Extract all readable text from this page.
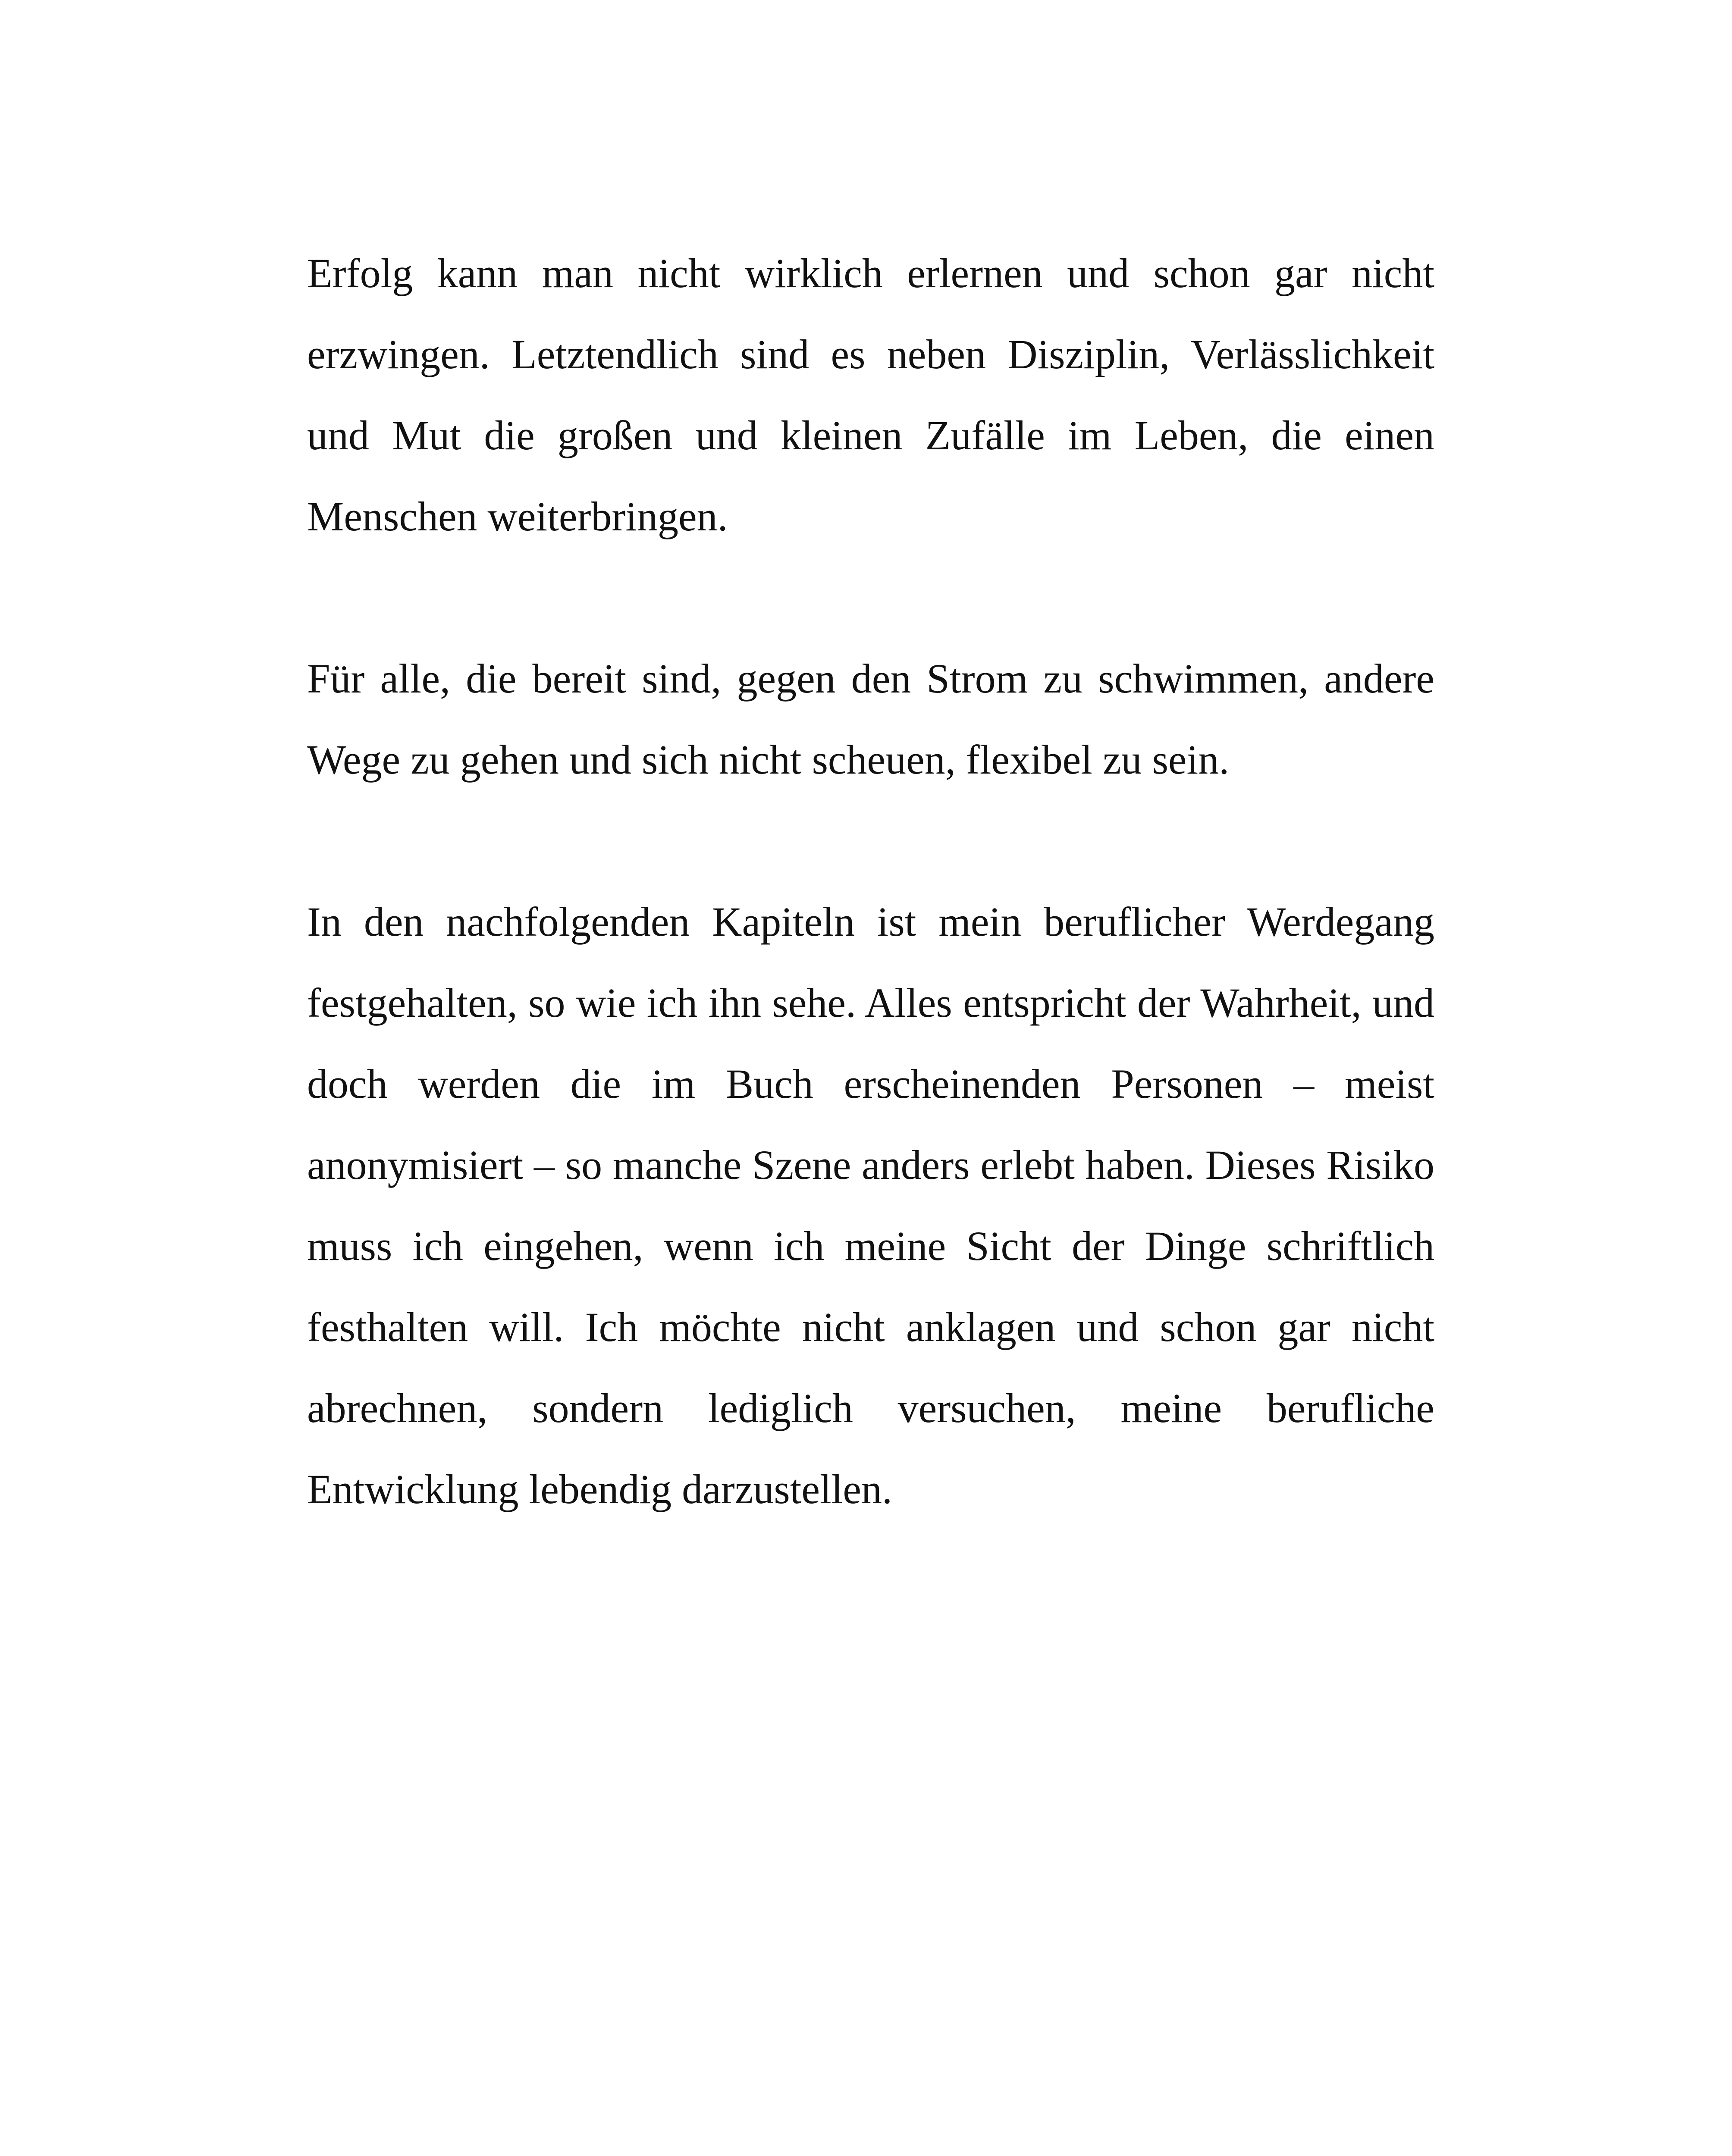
Erfolg kann man nicht wirklich erlernen und schon gar nicht erzwingen. Letztendlich sind es neben Disziplin, Verlässlichkeit und Mut die großen und kleinen Zufälle im Leben, die einen Menschen weiterbringen.

Für alle, die bereit sind, gegen den Strom zu schwimmen, andere Wege zu gehen und sich nicht scheuen, flexibel zu sein.

In den nachfolgenden Kapiteln ist mein beruflicher Werdegang festgehalten, so wie ich ihn sehe. Alles entspricht der Wahrheit, und doch werden die im Buch erscheinenden Personen – meist anonymisiert – so manche Szene anders erlebt haben. Dieses Risiko muss ich eingehen, wenn ich meine Sicht der Dinge schriftlich festhalten will. Ich möchte nicht anklagen und schon gar nicht abrechnen, sondern lediglich versuchen, meine berufliche Entwicklung lebendig darzustellen.
